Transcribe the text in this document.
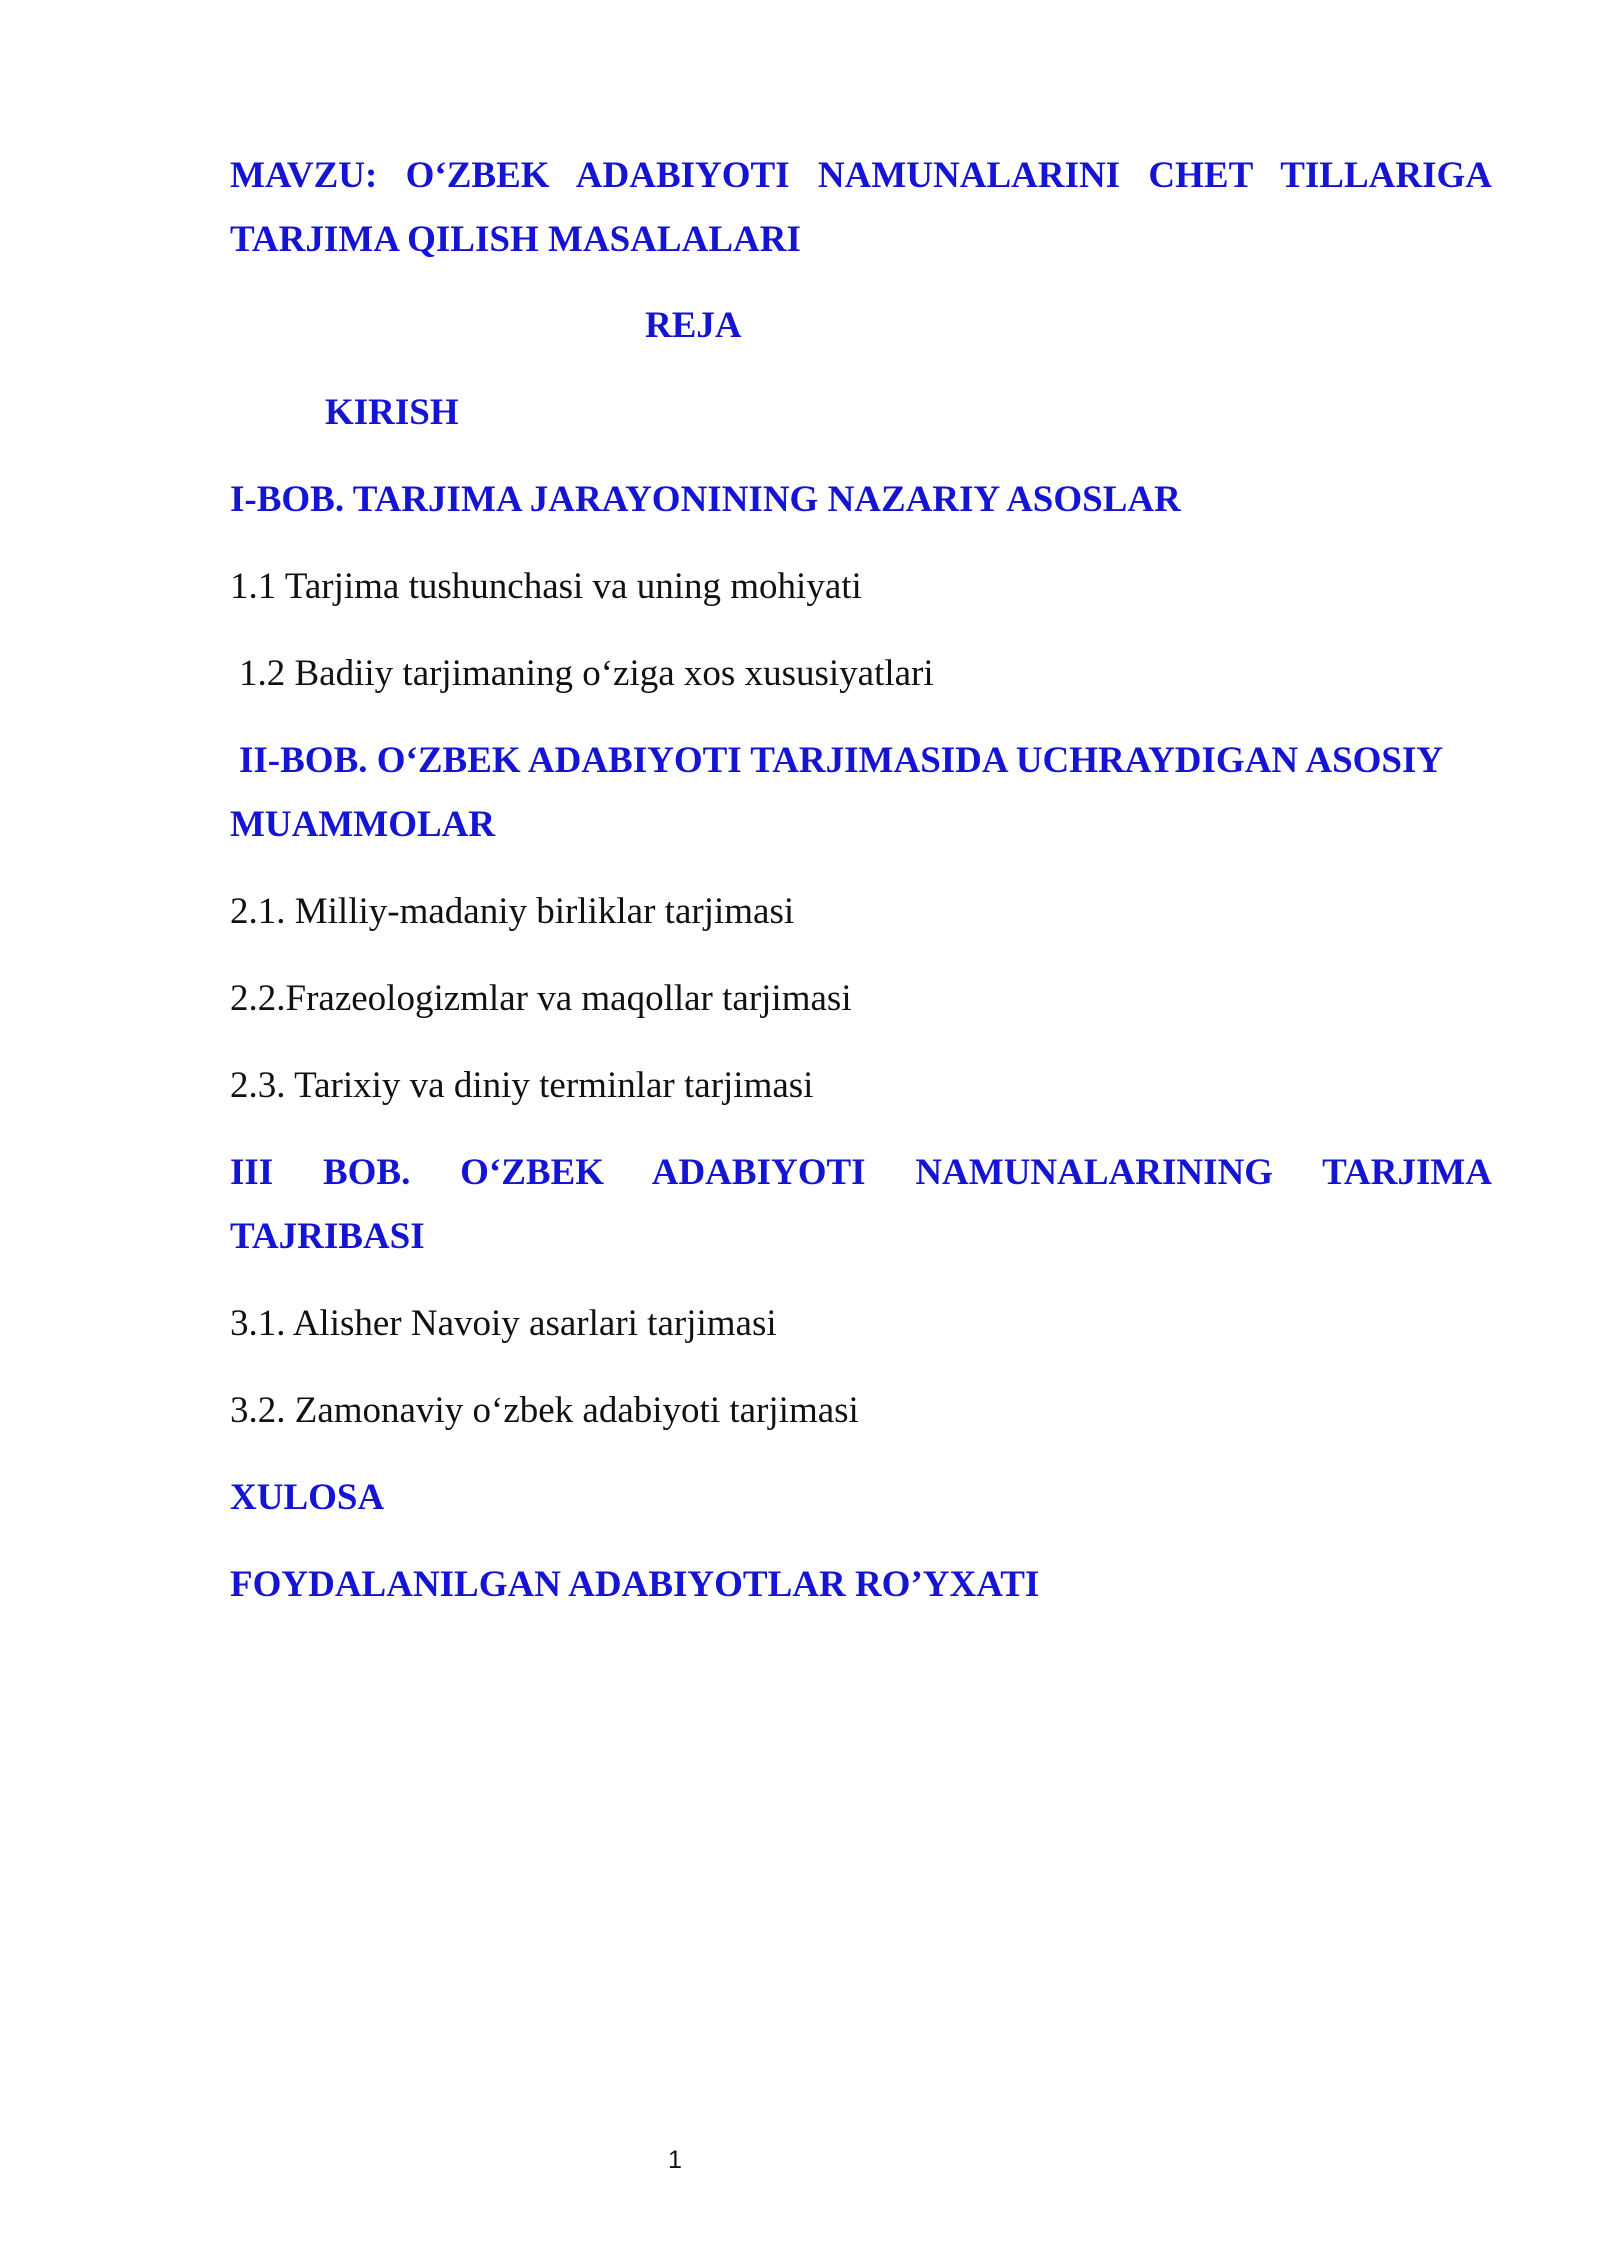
MAVZU: O‘ZBEK ADABIYOTI NAMUNALARINI CHET TILLARIGA

TARJIMA QILISH MASALALARI

REJA

KIRISH

I-BOB. TARJIMA JARAYONINING NAZARIY ASOSLAR

1.1 Tarjima tushunchasi va uning mohiyati

1.2 Badiiy tarjimaning o‘ziga xos xususiyatlari

II-BOB. O‘ZBEK ADABIYOTI TARJIMASIDA UCHRAYDIGAN ASOSIY

MUAMMOLAR

2.1. Milliy-madaniy birliklar tarjimasi

2.2.Frazeologizmlar va maqollar tarjimasi

2.3. Tarixiy va diniy terminlar tarjimasi

III BOB. O‘ZBEK ADABIYOTI NAMUNALARINING TARJIMA

TAJRIBASI

3.1. Alisher Navoiy asarlari tarjimasi

3.2. Zamonaviy o‘zbek adabiyoti tarjimasi

XULOSA

FOYDALANILGAN ADABIYOTLAR RO’YXATI

1
